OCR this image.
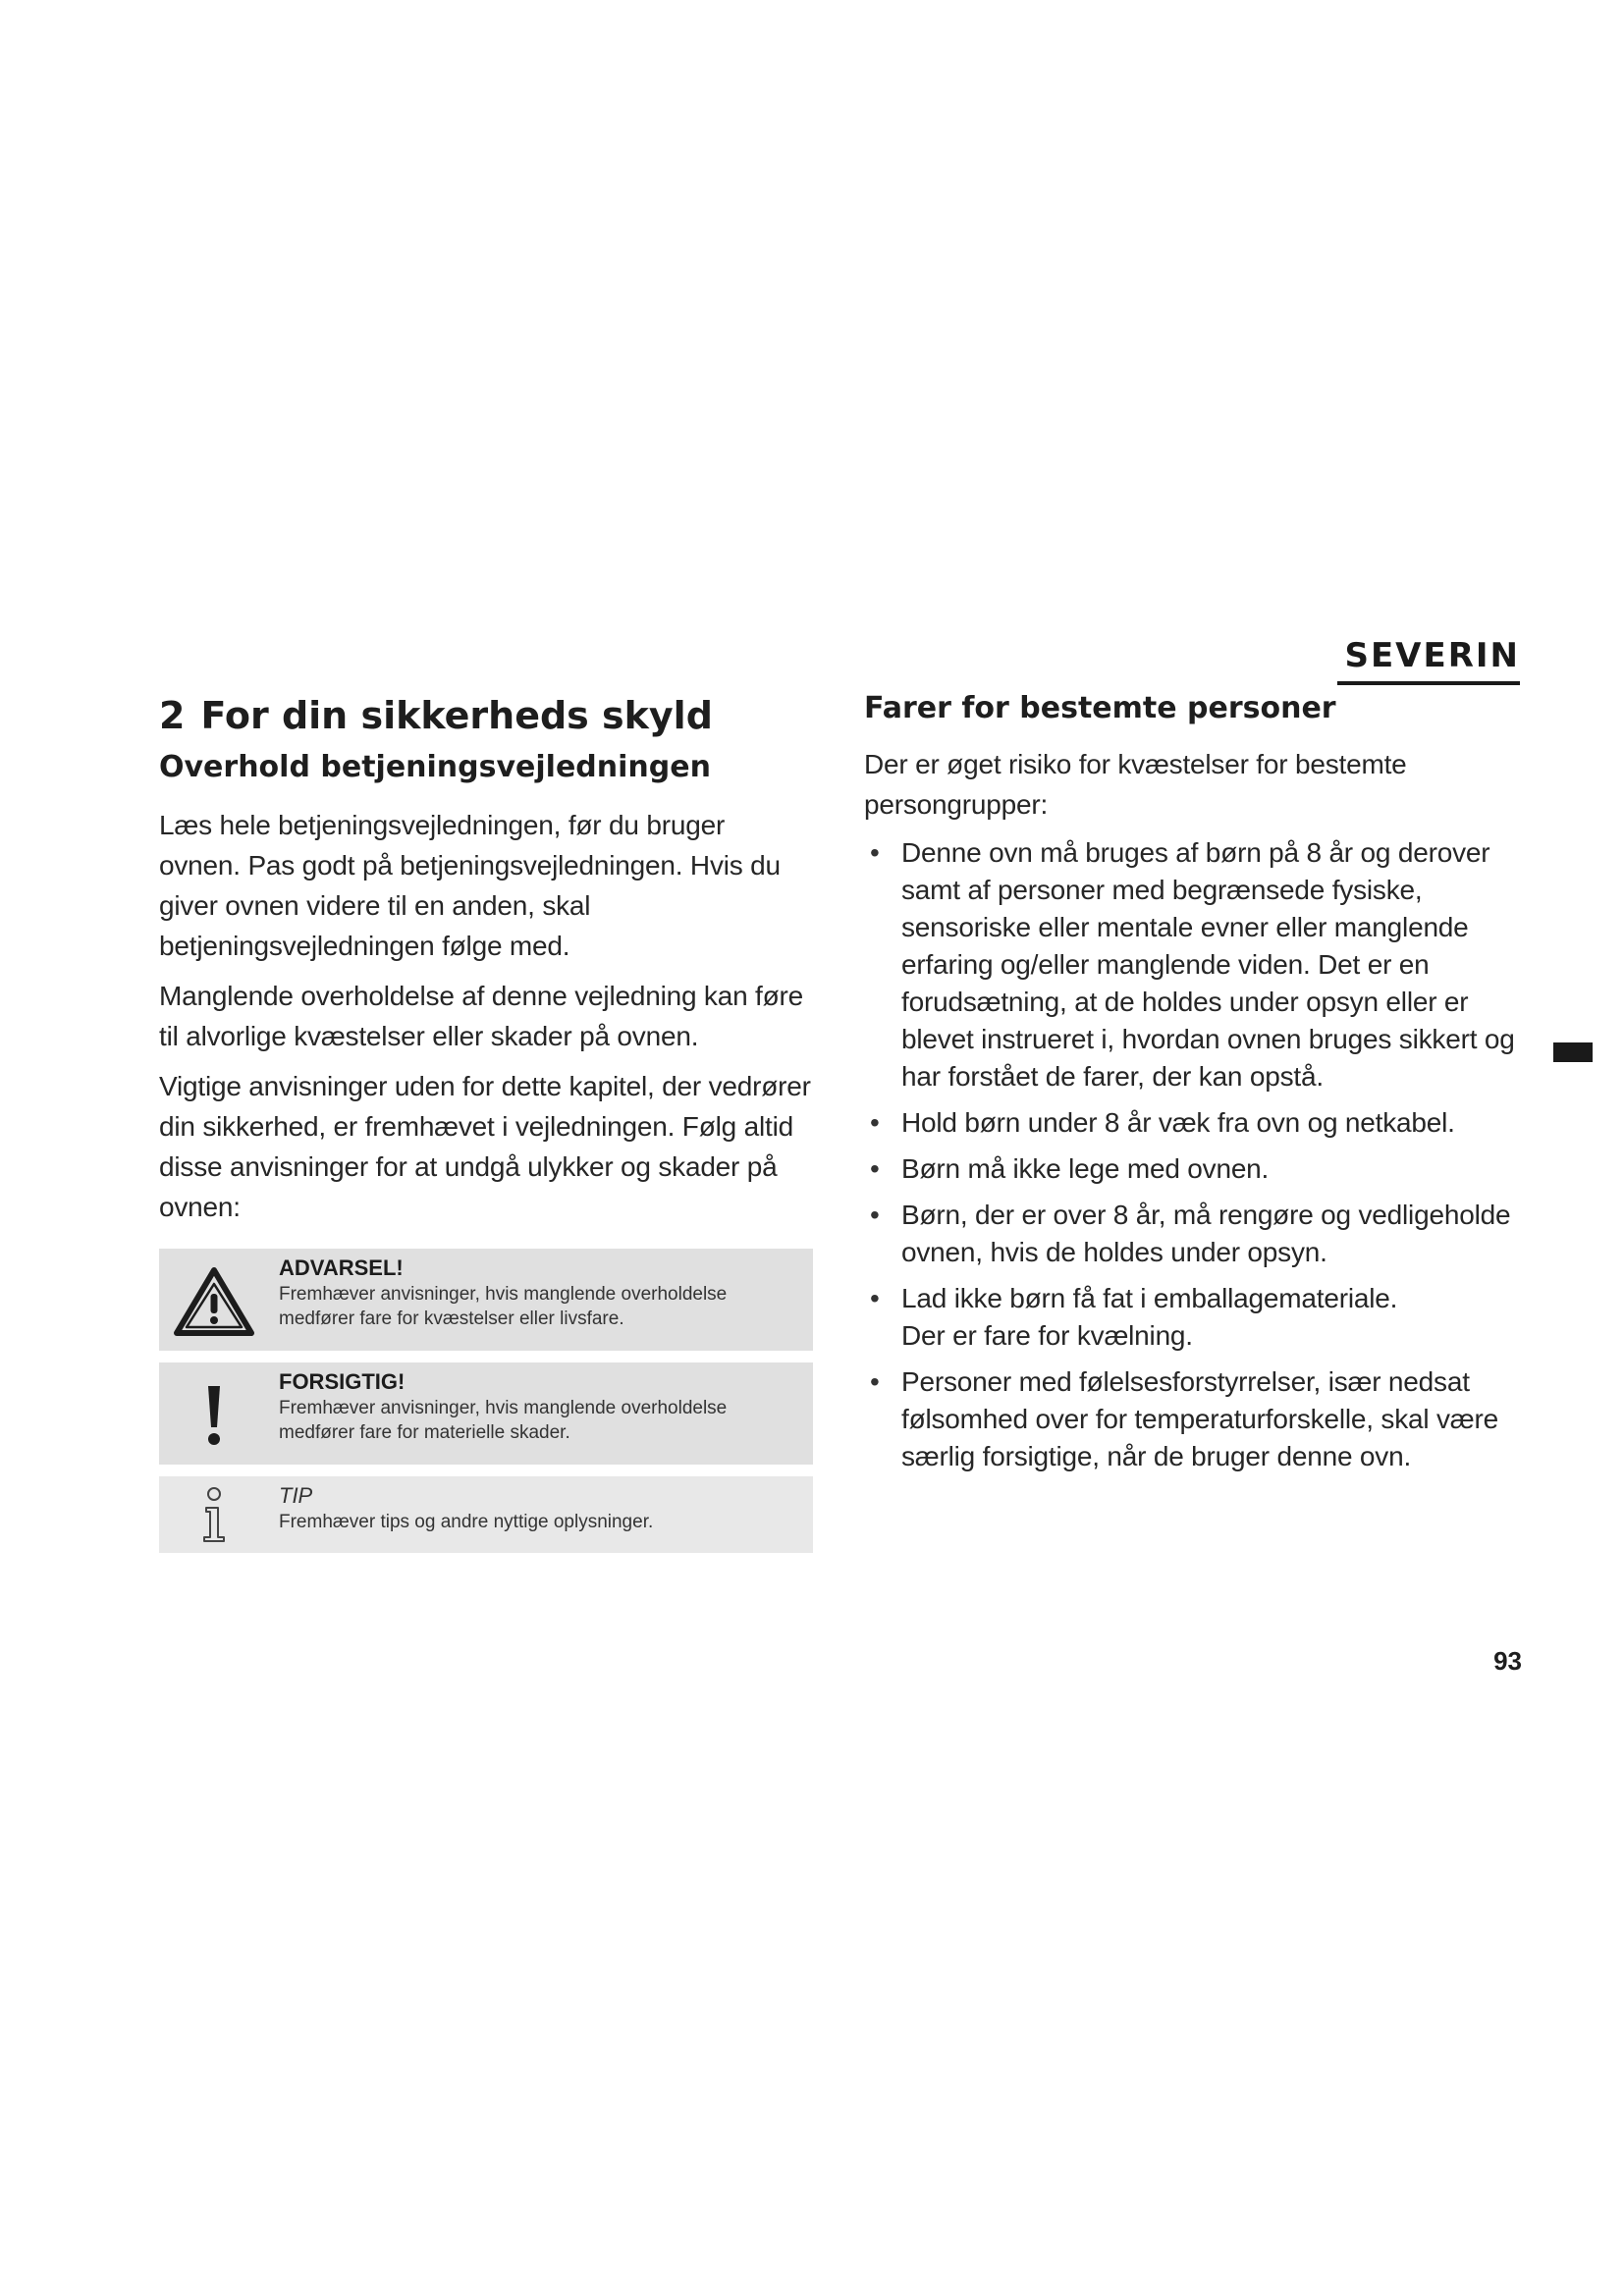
SEVERIN
2 For din sikkerheds skyld
Overhold betjeningsvejledningen

Læs hele betjeningsvejledningen, før du bruger ovnen. Pas godt på betjeningsvejledningen. Hvis du giver ovnen videre til en anden, skal betjeningsvejledningen følge med.

Manglende overholdelse af denne vejledning kan føre til alvorlige kvæstelser eller skader på ovnen.

Vigtige anvisninger uden for dette kapitel, der vedrører din sikkerhed, er fremhævet i vejledningen. Følg altid disse anvisninger for at undgå ulykker og skader på ovnen:

ADVARSEL!
Fremhæver anvisninger, hvis manglende overholdelse medfører fare for kvæstelser eller livsfare.
FORSIGTIG!
Fremhæver anvisninger, hvis manglende overholdelse medfører fare for materielle skader.
TIP
Fremhæver tips og andre nyttige oplysninger.
Farer for bestemte personer

Der er øget risiko for kvæstelser for bestemte persongrupper:

• Denne ovn må bruges af børn på 8 år og derover samt af personer med begrænsede fysiske, sensoriske eller mentale evner eller manglende erfaring og/eller manglende viden. Det er en forudsætning, at de holdes under opsyn eller er blevet instrueret i, hvordan ovnen bruges sikkert og har forstået de farer, der kan opstå.
• Hold børn under 8 år væk fra ovn og netkabel.
• Børn må ikke lege med ovnen.
• Børn, der er over 8 år, må rengøre og vedligeholde ovnen, hvis de holdes under opsyn.
• Lad ikke børn få fat i emballagemateriale.
Der er fare for kvælning.
• Personer med følelsesforstyrrelser, især nedsat følsomhed over for temperaturforskelle, skal være særlig forsigtige, når de bruger denne ovn.
93
